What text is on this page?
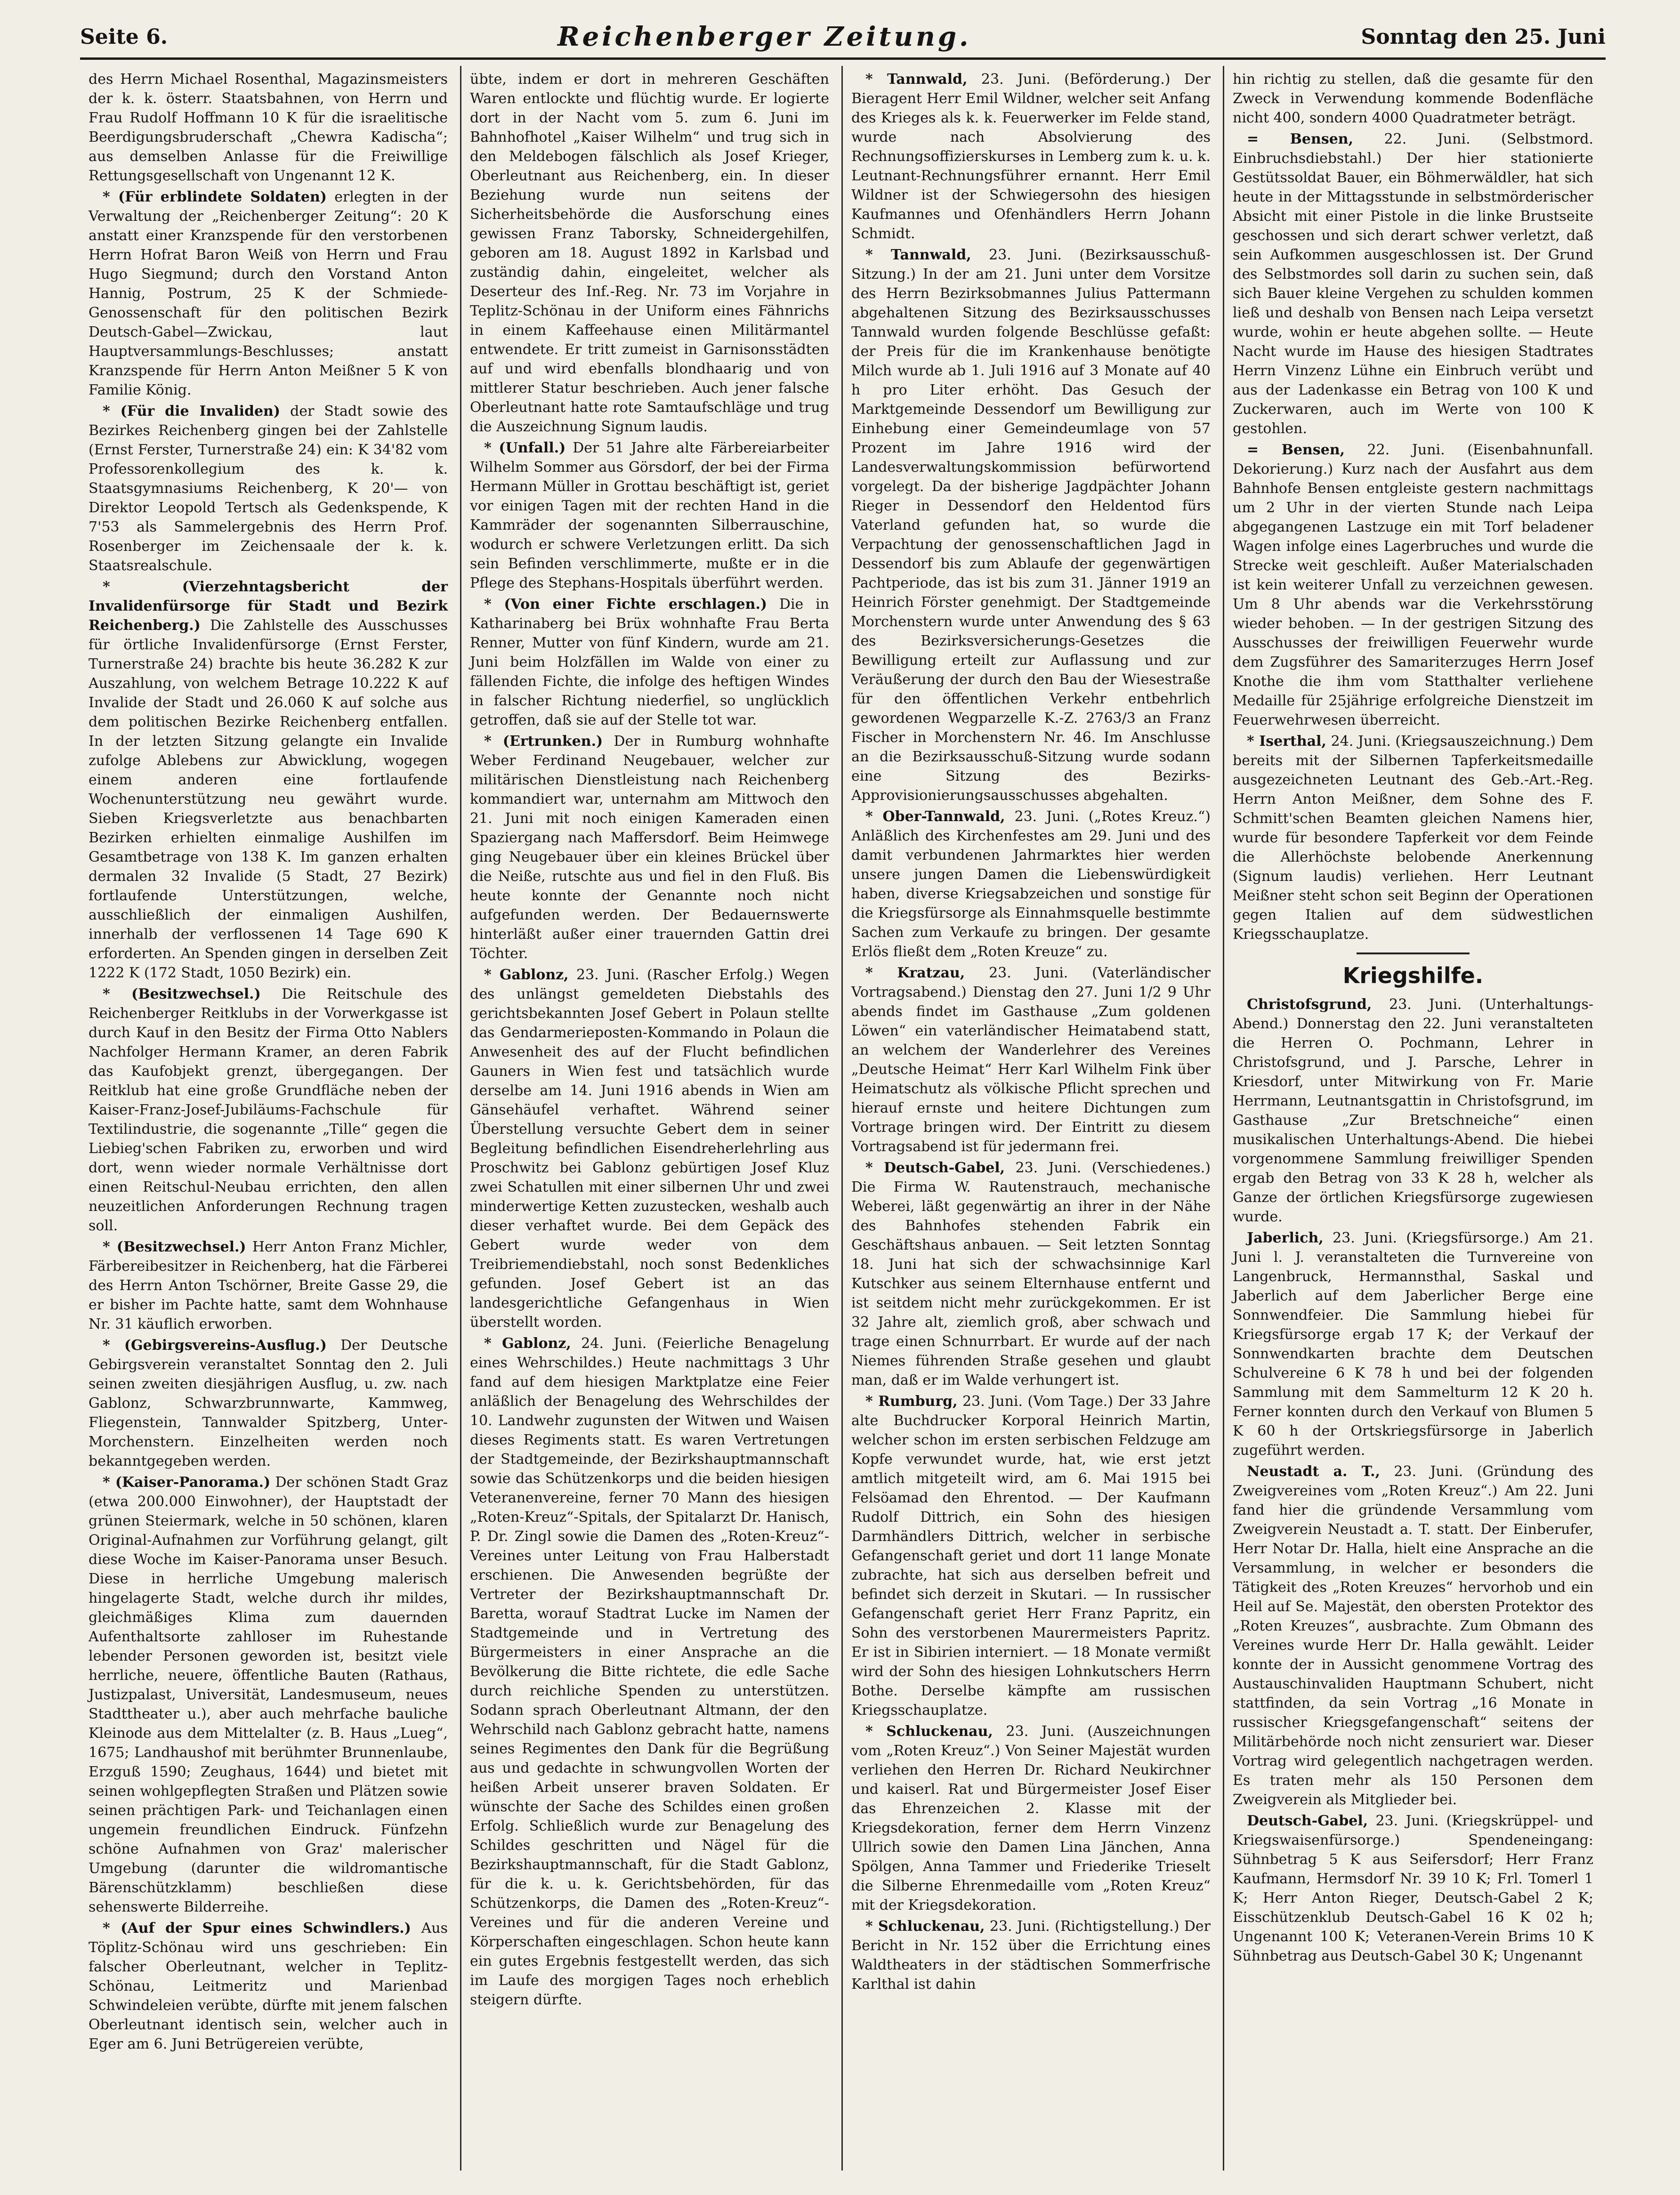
Seite 6.	Reichenberger Zeitung.	Sonntag den 25. Juni

des Herrn Michael Rosenthal, Magazinsmeisters der k. k. österr. Staatsbahnen, von Herrn und Frau Rudolf Hoffmann 10 K für die israelitische Beerdigungsbruderschaft „Chewra Kadischa“; aus demselben Anlasse für die Freiwillige Rettungsgesellschaft von Ungenannt 12 K.

* (Für erblindete Soldaten) erlegten in der Verwaltung der „Reichenberger Zeitung“: 20 K anstatt einer Kranzspende für den verstorbenen Herrn Hofrat Baron Weiß von Herrn und Frau Hugo Siegmund; durch den Vorstand Anton Hannig, Postrum, 25 K der Schmiede-Genossenschaft für den politischen Bezirk Deutsch-Gabel—Zwickau, laut Hauptversammlungs-Beschlusses; anstatt Kranzspende für Herrn Anton Meißner 5 K von Familie König.

* (Für die Invaliden) der Stadt sowie des Bezirkes Reichenberg gingen bei der Zahlstelle (Ernst Ferster, Turnerstraße 24) ein: K 34'82 vom Professorenkollegium des k. k. Staatsgymnasiums Reichenberg, K 20'— von Direktor Leopold Tertsch als Gedenkspende, K 7'53 als Sammelergebnis des Herrn Prof. Rosenberger im Zeichensaale der k. k. Staatsrealschule.

* (Vierzehntagsbericht der Invalidenfürsorge für Stadt und Bezirk Reichenberg.) Die Zahlstelle des Ausschusses für örtliche Invalidenfürsorge (Ernst Ferster, Turnerstraße 24) brachte bis heute 36.282 K zur Auszahlung, von welchem Betrage 10.222 K auf Invalide der Stadt und 26.060 K auf solche aus dem politischen Bezirke Reichenberg entfallen. In der letzten Sitzung gelangte ein Invalide zufolge Ablebens zur Abwicklung, wogegen einem anderen eine fortlaufende Wochenunterstützung neu gewährt wurde. Sieben Kriegsverletzte aus benachbarten Bezirken erhielten einmalige Aushilfen im Gesamtbetrage von 138 K. Im ganzen erhalten dermalen 32 Invalide (5 Stadt, 27 Bezirk) fortlaufende Unterstützungen, welche, ausschließlich der einmaligen Aushilfen, innerhalb der verflossenen 14 Tage 690 K erforderten. An Spenden gingen in derselben Zeit 1222 K (172 Stadt, 1050 Bezirk) ein.

* (Besitzwechsel.) Die Reitschule des Reichenberger Reitklubs in der Vorwerkgasse ist durch Kauf in den Besitz der Firma Otto Nablers Nachfolger Hermann Kramer, an deren Fabrik das Kaufobjekt grenzt, übergegangen. Der Reitklub hat eine große Grundfläche neben der Kaiser-Franz-Josef-Jubiläums-Fachschule für Textilindustrie, die sogenannte „Tille“ gegen die Liebieg'schen Fabriken zu, erworben und wird dort, wenn wieder normale Verhältnisse dort einen Reitschul-Neubau errichten, den allen neuzeitlichen Anforderungen Rechnung tragen soll.

* (Besitzwechsel.) Herr Anton Franz Michler, Färbereibesitzer in Reichenberg, hat die Färberei des Herrn Anton Tschörner, Breite Gasse 29, die er bisher im Pachte hatte, samt dem Wohnhause Nr. 31 käuflich erworben.

* (Gebirgsvereins-Ausflug.) Der Deutsche Gebirgsverein veranstaltet Sonntag den 2. Juli seinen zweiten diesjährigen Ausflug, u. zw. nach Gablonz, Schwarzbrunnwarte, Kammweg, Fliegenstein, Tannwalder Spitzberg, Unter-Morchenstern. Einzelheiten werden noch bekanntgegeben werden.

* (Kaiser-Panorama.) Der schönen Stadt Graz (etwa 200.000 Einwohner), der Hauptstadt der grünen Steiermark, welche in 50 schönen, klaren Original-Aufnahmen zur Vorführung gelangt, gilt diese Woche im Kaiser-Panorama unser Besuch. Diese in herrliche Umgebung malerisch hingelagerte Stadt, welche durch ihr mildes, gleichmäßiges Klima zum dauernden Aufenthaltsorte zahlloser im Ruhestande lebender Personen geworden ist, besitzt viele herrliche, neuere, öffentliche Bauten (Rathaus, Justizpalast, Universität, Landesmuseum, neues Stadttheater u.), aber auch mehrfache bauliche Kleinode aus dem Mittelalter (z. B. Haus „Lueg“, 1675; Landhaushof mit berühmter Brunnenlaube, Erzguß 1590; Zeughaus, 1644) und bietet mit seinen wohlgepflegten Straßen und Plätzen sowie seinen prächtigen Park- und Teichanlagen einen ungemein freundlichen Eindruck. Fünfzehn schöne Aufnahmen von Graz' malerischer Umgebung (darunter die wildromantische Bärenschützklamm) beschließen diese sehenswerte Bilderreihe.

* (Auf der Spur eines Schwindlers.) Aus Töplitz-Schönau wird uns geschrieben: Ein falscher Oberleutnant, welcher in Teplitz-Schönau, Leitmeritz und Marienbad Schwindeleien verübte, dürfte mit jenem falschen Oberleutnant identisch sein, welcher auch in Eger am 6. Juni Betrügereien verübte,

übte, indem er dort in mehreren Geschäften Waren entlockte und flüchtig wurde. Er logierte dort in der Nacht vom 5. zum 6. Juni im Bahnhofhotel „Kaiser Wilhelm“ und trug sich in den Meldebogen fälschlich als Josef Krieger, Oberleutnant aus Reichenberg, ein. In dieser Beziehung wurde nun seitens der Sicherheitsbehörde die Ausforschung eines gewissen Franz Taborsky, Schneidergehilfen, geboren am 18. August 1892 in Karlsbad und zuständig dahin, eingeleitet, welcher als Deserteur des Inf.-Reg. Nr. 73 im Vorjahre in Teplitz-Schönau in der Uniform eines Fähnrichs in einem Kaffeehause einen Militärmantel entwendete. Er tritt zumeist in Garnisonsstädten auf und wird ebenfalls blondhaarig und von mittlerer Statur beschrieben. Auch jener falsche Oberleutnant hatte rote Samtaufschläge und trug die Auszeichnung Signum laudis.

* (Unfall.) Der 51 Jahre alte Färbereiarbeiter Wilhelm Sommer aus Görsdorf, der bei der Firma Hermann Müller in Grottau beschäftigt ist, geriet vor einigen Tagen mit der rechten Hand in die Kammräder der sogenannten Silberrauschine, wodurch er schwere Verletzungen erlitt. Da sich sein Befinden verschlimmerte, mußte er in die Pflege des Stephans-Hospitals überführt werden.

* (Von einer Fichte erschlagen.) Die in Katharinaberg bei Brüx wohnhafte Frau Berta Renner, Mutter von fünf Kindern, wurde am 21. Juni beim Holzfällen im Walde von einer zu fällenden Fichte, die infolge des heftigen Windes in falscher Richtung niederfiel, so unglücklich getroffen, daß sie auf der Stelle tot war.

* (Ertrunken.) Der in Rumburg wohnhafte Weber Ferdinand Neugebauer, welcher zur militärischen Dienstleistung nach Reichenberg kommandiert war, unternahm am Mittwoch den 21. Juni mit noch einigen Kameraden einen Spaziergang nach Maffersdorf. Beim Heimwege ging Neugebauer über ein kleines Brückel über die Neiße, rutschte aus und fiel in den Fluß. Bis heute konnte der Genannte noch nicht aufgefunden werden. Der Bedauernswerte hinterläßt außer einer trauernden Gattin drei Töchter.

* Gablonz, 23. Juni. (Rascher Erfolg.) Wegen des unlängst gemeldeten Diebstahls des gerichtsbekannten Josef Gebert in Polaun stellte das Gendarmerieposten-Kommando in Polaun die Anwesenheit des auf der Flucht befindlichen Gauners in Wien fest und tatsächlich wurde derselbe am 14. Juni 1916 abends in Wien am Gänsehäufel verhaftet. Während seiner Überstellung versuchte Gebert dem in seiner Begleitung befindlichen Eisendreherlehrling aus Proschwitz bei Gablonz gebürtigen Josef Kluz zwei Schatullen mit einer silbernen Uhr und zwei minderwertige Ketten zuzustecken, weshalb auch dieser verhaftet wurde. Bei dem Gepäck des Gebert wurde weder von dem Treibriemendiebstahl, noch sonst Bedenkliches gefunden. Josef Gebert ist an das landesgerichtliche Gefangenhaus in Wien überstellt worden.

* Gablonz, 24. Juni. (Feierliche Benagelung eines Wehrschildes.) Heute nachmittags 3 Uhr fand auf dem hiesigen Marktplatze eine Feier anläßlich der Benagelung des Wehrschildes der 10. Landwehr zugunsten der Witwen und Waisen dieses Regiments statt. Es waren Vertretungen der Stadtgemeinde, der Bezirkshauptmannschaft sowie das Schützenkorps und die beiden hiesigen Veteranenvereine, ferner 70 Mann des hiesigen „Roten-Kreuz“-Spitals, der Spitalarzt Dr. Hanisch, P. Dr. Zingl sowie die Damen des „Roten-Kreuz“-Vereines unter Leitung von Frau Halberstadt erschienen. Die Anwesenden begrüßte der Vertreter der Bezirkshauptmannschaft Dr. Baretta, worauf Stadtrat Lucke im Namen der Stadtgemeinde und in Vertretung des Bürgermeisters in einer Ansprache an die Bevölkerung die Bitte richtete, die edle Sache durch reichliche Spenden zu unterstützen. Sodann sprach Oberleutnant Altmann, der den Wehrschild nach Gablonz gebracht hatte, namens seines Regimentes den Dank für die Begrüßung aus und gedachte in schwungvollen Worten der heißen Arbeit unserer braven Soldaten. Er wünschte der Sache des Schildes einen großen Erfolg. Schließlich wurde zur Benagelung des Schildes geschritten und Nägel für die Bezirkshauptmannschaft, für die Stadt Gablonz, für die k. u. k. Gerichtsbehörden, für das Schützenkorps, die Damen des „Roten-Kreuz“-Vereines und für die anderen Vereine und Körperschaften eingeschlagen. Schon heute kann ein gutes Ergebnis festgestellt werden, das sich im Laufe des morgigen Tages noch erheblich steigern dürfte.

* Tannwald, 23. Juni. (Beförderung.) Der Bieragent Herr Emil Wildner, welcher seit Anfang des Krieges als k. k. Feuerwerker im Felde stand, wurde nach Absolvierung des Rechnungsoffizierskurses in Lemberg zum k. u. k. Leutnant-Rechnungsführer ernannt. Herr Emil Wildner ist der Schwiegersohn des hiesigen Kaufmannes und Ofenhändlers Herrn Johann Schmidt.

* Tannwald, 23. Juni. (Bezirksausschuß-Sitzung.) In der am 21. Juni unter dem Vorsitze des Herrn Bezirksobmannes Julius Pattermann abgehaltenen Sitzung des Bezirksausschusses Tannwald wurden folgende Beschlüsse gefaßt: der Preis für die im Krankenhause benötigte Milch wurde ab 1. Juli 1916 auf 3 Monate auf 40 h pro Liter erhöht. Das Gesuch der Marktgemeinde Dessendorf um Bewilligung zur Einhebung einer Gemeindeumlage von 57 Prozent im Jahre 1916 wird der Landesverwaltungskommission befürwortend vorgelegt. Da der bisherige Jagdpächter Johann Rieger in Dessendorf den Heldentod fürs Vaterland gefunden hat, so wurde die Verpachtung der genossenschaftlichen Jagd in Dessendorf bis zum Ablaufe der gegenwärtigen Pachtperiode, das ist bis zum 31. Jänner 1919 an Heinrich Förster genehmigt. Der Stadtgemeinde Morchenstern wurde unter Anwendung des § 63 des Bezirksversicherungs-Gesetzes die Bewilligung erteilt zur Auflassung und zur Veräußerung der durch den Bau der Wiesestraße für den öffentlichen Verkehr entbehrlich gewordenen Wegparzelle K.-Z. 2763/3 an Franz Fischer in Morchenstern Nr. 46. Im Anschlusse an die Bezirksausschuß-Sitzung wurde sodann eine Sitzung des Bezirks-Approvisionierungsausschusses abgehalten.

* Ober-Tannwald, 23. Juni. („Rotes Kreuz.“) Anläßlich des Kirchenfestes am 29. Juni und des damit verbundenen Jahrmarktes hier werden unsere jungen Damen die Liebenswürdigkeit haben, diverse Kriegsabzeichen und sonstige für die Kriegsfürsorge als Einnahmsquelle bestimmte Sachen zum Verkaufe zu bringen. Der gesamte Erlös fließt dem „Roten Kreuze“ zu.

* Kratzau, 23. Juni. (Vaterländischer Vortragsabend.) Dienstag den 27. Juni 1/2 9 Uhr abends findet im Gasthause „Zum goldenen Löwen“ ein vaterländischer Heimatabend statt, an welchem der Wanderlehrer des Vereines „Deutsche Heimat“ Herr Karl Wilhelm Fink über Heimatschutz als völkische Pflicht sprechen und hierauf ernste und heitere Dichtungen zum Vortrage bringen wird. Der Eintritt zu diesem Vortragsabend ist für jedermann frei.

* Deutsch-Gabel, 23. Juni. (Verschiedenes.) Die Firma W. Rautenstrauch, mechanische Weberei, läßt gegenwärtig an ihrer in der Nähe des Bahnhofes stehenden Fabrik ein Geschäftshaus anbauen. — Seit letzten Sonntag 18. Juni hat sich der schwachsinnige Karl Kutschker aus seinem Elternhause entfernt und ist seitdem nicht mehr zurückgekommen. Er ist 32 Jahre alt, ziemlich groß, aber schwach und trage einen Schnurrbart. Er wurde auf der nach Niemes führenden Straße gesehen und glaubt man, daß er im Walde verhungert ist.

* Rumburg, 23. Juni. (Vom Tage.) Der 33 Jahre alte Buchdrucker Korporal Heinrich Martin, welcher schon im ersten serbischen Feldzuge am Kopfe verwundet wurde, hat, wie erst jetzt amtlich mitgeteilt wird, am 6. Mai 1915 bei Felsöamad den Ehrentod. — Der Kaufmann Rudolf Dittrich, ein Sohn des hiesigen Darmhändlers Dittrich, welcher in serbische Gefangenschaft geriet und dort 11 lange Monate zubrachte, hat sich aus derselben befreit und befindet sich derzeit in Skutari. — In russischer Gefangenschaft geriet Herr Franz Papritz, ein Sohn des verstorbenen Maurermeisters Papritz. Er ist in Sibirien interniert. — 18 Monate vermißt wird der Sohn des hiesigen Lohnkutschers Herrn Bothe. Derselbe kämpfte am russischen Kriegsschauplatze.

* Schluckenau, 23. Juni. (Auszeichnungen vom „Roten Kreuz“.) Von Seiner Majestät wurden verliehen den Herren Dr. Richard Neukirchner und kaiserl. Rat und Bürgermeister Josef Eiser das Ehrenzeichen 2. Klasse mit der Kriegsdekoration, ferner dem Herrn Vinzenz Ullrich sowie den Damen Lina Jänchen, Anna Spölgen, Anna Tammer und Friederike Trieselt die Silberne Ehrenmedaille vom „Roten Kreuz“ mit der Kriegsdekoration.

* Schluckenau, 23. Juni. (Richtigstellung.) Der Bericht in Nr. 152 über die Errichtung eines Waldtheaters in der städtischen Sommerfrische Karlthal ist dahin

hin richtig zu stellen, daß die gesamte für den Zweck in Verwendung kommende Bodenfläche nicht 400, sondern 4000 Quadratmeter beträgt.

= Bensen, 22. Juni. (Selbstmord. Einbruchsdiebstahl.) Der hier stationierte Gestütssoldat Bauer, ein Böhmerwäldler, hat sich heute in der Mittagsstunde in selbstmörderischer Absicht mit einer Pistole in die linke Brustseite geschossen und sich derart schwer verletzt, daß sein Aufkommen ausgeschlossen ist. Der Grund des Selbstmordes soll darin zu suchen sein, daß sich Bauer kleine Vergehen zu schulden kommen ließ und deshalb von Bensen nach Leipa versetzt wurde, wohin er heute abgehen sollte. — Heute Nacht wurde im Hause des hiesigen Stadtrates Herrn Vinzenz Lühne ein Einbruch verübt und aus der Ladenkasse ein Betrag von 100 K und Zuckerwaren, auch im Werte von 100 K gestohlen.

= Bensen, 22. Juni. (Eisenbahnunfall. Dekorierung.) Kurz nach der Ausfahrt aus dem Bahnhofe Bensen entgleiste gestern nachmittags um 2 Uhr in der vierten Stunde nach Leipa abgegangenen Lastzuge ein mit Torf beladener Wagen infolge eines Lagerbruches und wurde die Strecke weit geschleift. Außer Materialschaden ist kein weiterer Unfall zu verzeichnen gewesen. Um 8 Uhr abends war die Verkehrsstörung wieder behoben. — In der gestrigen Sitzung des Ausschusses der freiwilligen Feuerwehr wurde dem Zugsführer des Samariterzuges Herrn Josef Knothe die ihm vom Statthalter verliehene Medaille für 25jährige erfolgreiche Dienstzeit im Feuerwehrwesen überreicht.

* Iserthal, 24. Juni. (Kriegsauszeichnung.) Dem bereits mit der Silbernen Tapferkeitsmedaille ausgezeichneten Leutnant des Geb.-Art.-Reg. Herrn Anton Meißner, dem Sohne des F. Schmitt'schen Beamten gleichen Namens hier, wurde für besondere Tapferkeit vor dem Feinde die Allerhöchste belobende Anerkennung (Signum laudis) verliehen. Herr Leutnant Meißner steht schon seit Beginn der Operationen gegen Italien auf dem südwestlichen Kriegsschauplatze.

Kriegshilfe.

Christofsgrund, 23. Juni. (Unterhaltungs-Abend.) Donnerstag den 22. Juni veranstalteten die Herren O. Pochmann, Lehrer in Christofsgrund, und J. Parsche, Lehrer in Kriesdorf, unter Mitwirkung von Fr. Marie Herrmann, Leutnantsgattin in Christofsgrund, im Gasthause „Zur Bretschneiche“ einen musikalischen Unterhaltungs-Abend. Die hiebei vorgenommene Sammlung freiwilliger Spenden ergab den Betrag von 33 K 28 h, welcher als Ganze der örtlichen Kriegsfürsorge zugewiesen wurde.

Jaberlich, 23. Juni. (Kriegsfürsorge.) Am 21. Juni l. J. veranstalteten die Turnvereine von Langenbruck, Hermannsthal, Saskal und Jaberlich auf dem Jaberlicher Berge eine Sonnwendfeier. Die Sammlung hiebei für Kriegsfürsorge ergab 17 K; der Verkauf der Sonnwendkarten brachte dem Deutschen Schulvereine 6 K 78 h und bei der folgenden Sammlung mit dem Sammelturm 12 K 20 h. Ferner konnten durch den Verkauf von Blumen 5 K 60 h der Ortskriegsfürsorge in Jaberlich zugeführt werden.

Neustadt a. T., 23. Juni. (Gründung des Zweigvereines vom „Roten Kreuz“.) Am 22. Juni fand hier die gründende Versammlung vom Zweigverein Neustadt a. T. statt. Der Einberufer, Herr Notar Dr. Halla, hielt eine Ansprache an die Versammlung, in welcher er besonders die Tätigkeit des „Roten Kreuzes“ hervorhob und ein Heil auf Se. Majestät, den obersten Protektor des „Roten Kreuzes“, ausbrachte. Zum Obmann des Vereines wurde Herr Dr. Halla gewählt. Leider konnte der in Aussicht genommene Vortrag des Austauschinvaliden Hauptmann Schubert, nicht stattfinden, da sein Vortrag „16 Monate in russischer Kriegsgefangenschaft“ seitens der Militärbehörde noch nicht zensuriert war. Dieser Vortrag wird gelegentlich nachgetragen werden. Es traten mehr als 150 Personen dem Zweigverein als Mitglieder bei.

Deutsch-Gabel, 23. Juni. (Kriegskrüppel- und Kriegswaisenfürsorge.) Spendeneingang: Sühnbetrag 5 K aus Seifersdorf; Herr Franz Kaufmann, Hermsdorf Nr. 39 10 K; Frl. Tomerl 1 K; Herr Anton Rieger, Deutsch-Gabel 2 K; Eisschützenklub Deutsch-Gabel 16 K 02 h; Ungenannt 100 K; Veteranen-Verein Brims 10 K Sühnbetrag aus Deutsch-Gabel 30 K; Ungenannt
